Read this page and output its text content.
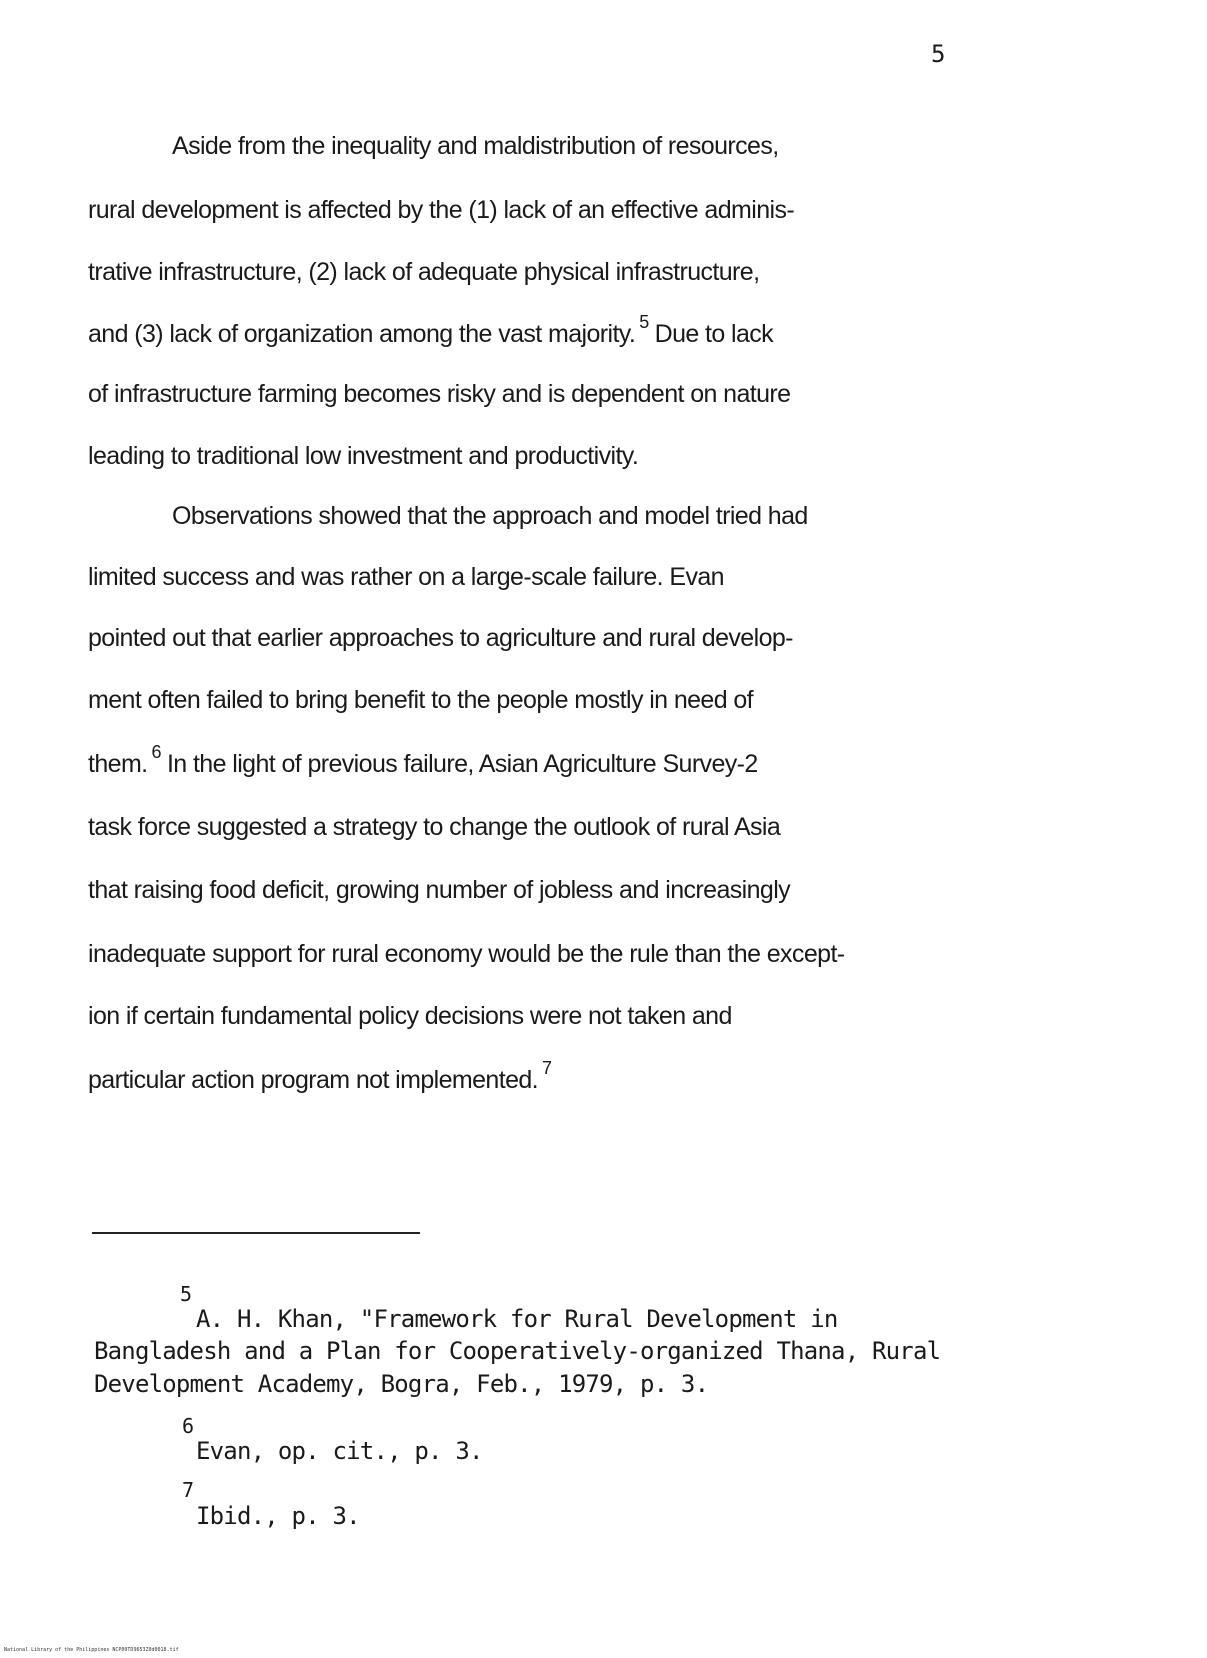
5
Aside from the inequality and maldistribution of resources,
rural development is affected by the (1) lack of an effective adminis-
trative infrastructure, (2) lack of adequate physical infrastructure,
and (3) lack of organization among the vast majority. $^5$ Due to lack
of infrastructure farming becomes risky and is dependent on nature
leading to traditional low investment and productivity.
Observations showed that the approach and model tried had
limited success and was rather on a large-scale failure. Evan
pointed out that earlier approaches to agriculture and rural develop-
ment often failed to bring benefit to the people mostly in need of
them. $^6$ In the light of previous failure, Asian Agriculture Survey-2
task force suggested a strategy to change the outlook of rural Asia
that raising food deficit, growing number of jobless and increasingly
inadequate support for rural economy would be the rule than the except-
ion if certain fundamental policy decisions were not taken and
particular action program not implemented. $^7$
5
A. H. Khan, "Framework for Rural Development in
Bangladesh and a Plan for Cooperatively-organized Thana, Rural
Development Academy, Bogra, Feb., 1979, p. 3.
6
Evan, op. cit., p. 3.
7
Ibid., p. 3.
National Library of the Philippines NCP00TD9653Z0d0018.tif
